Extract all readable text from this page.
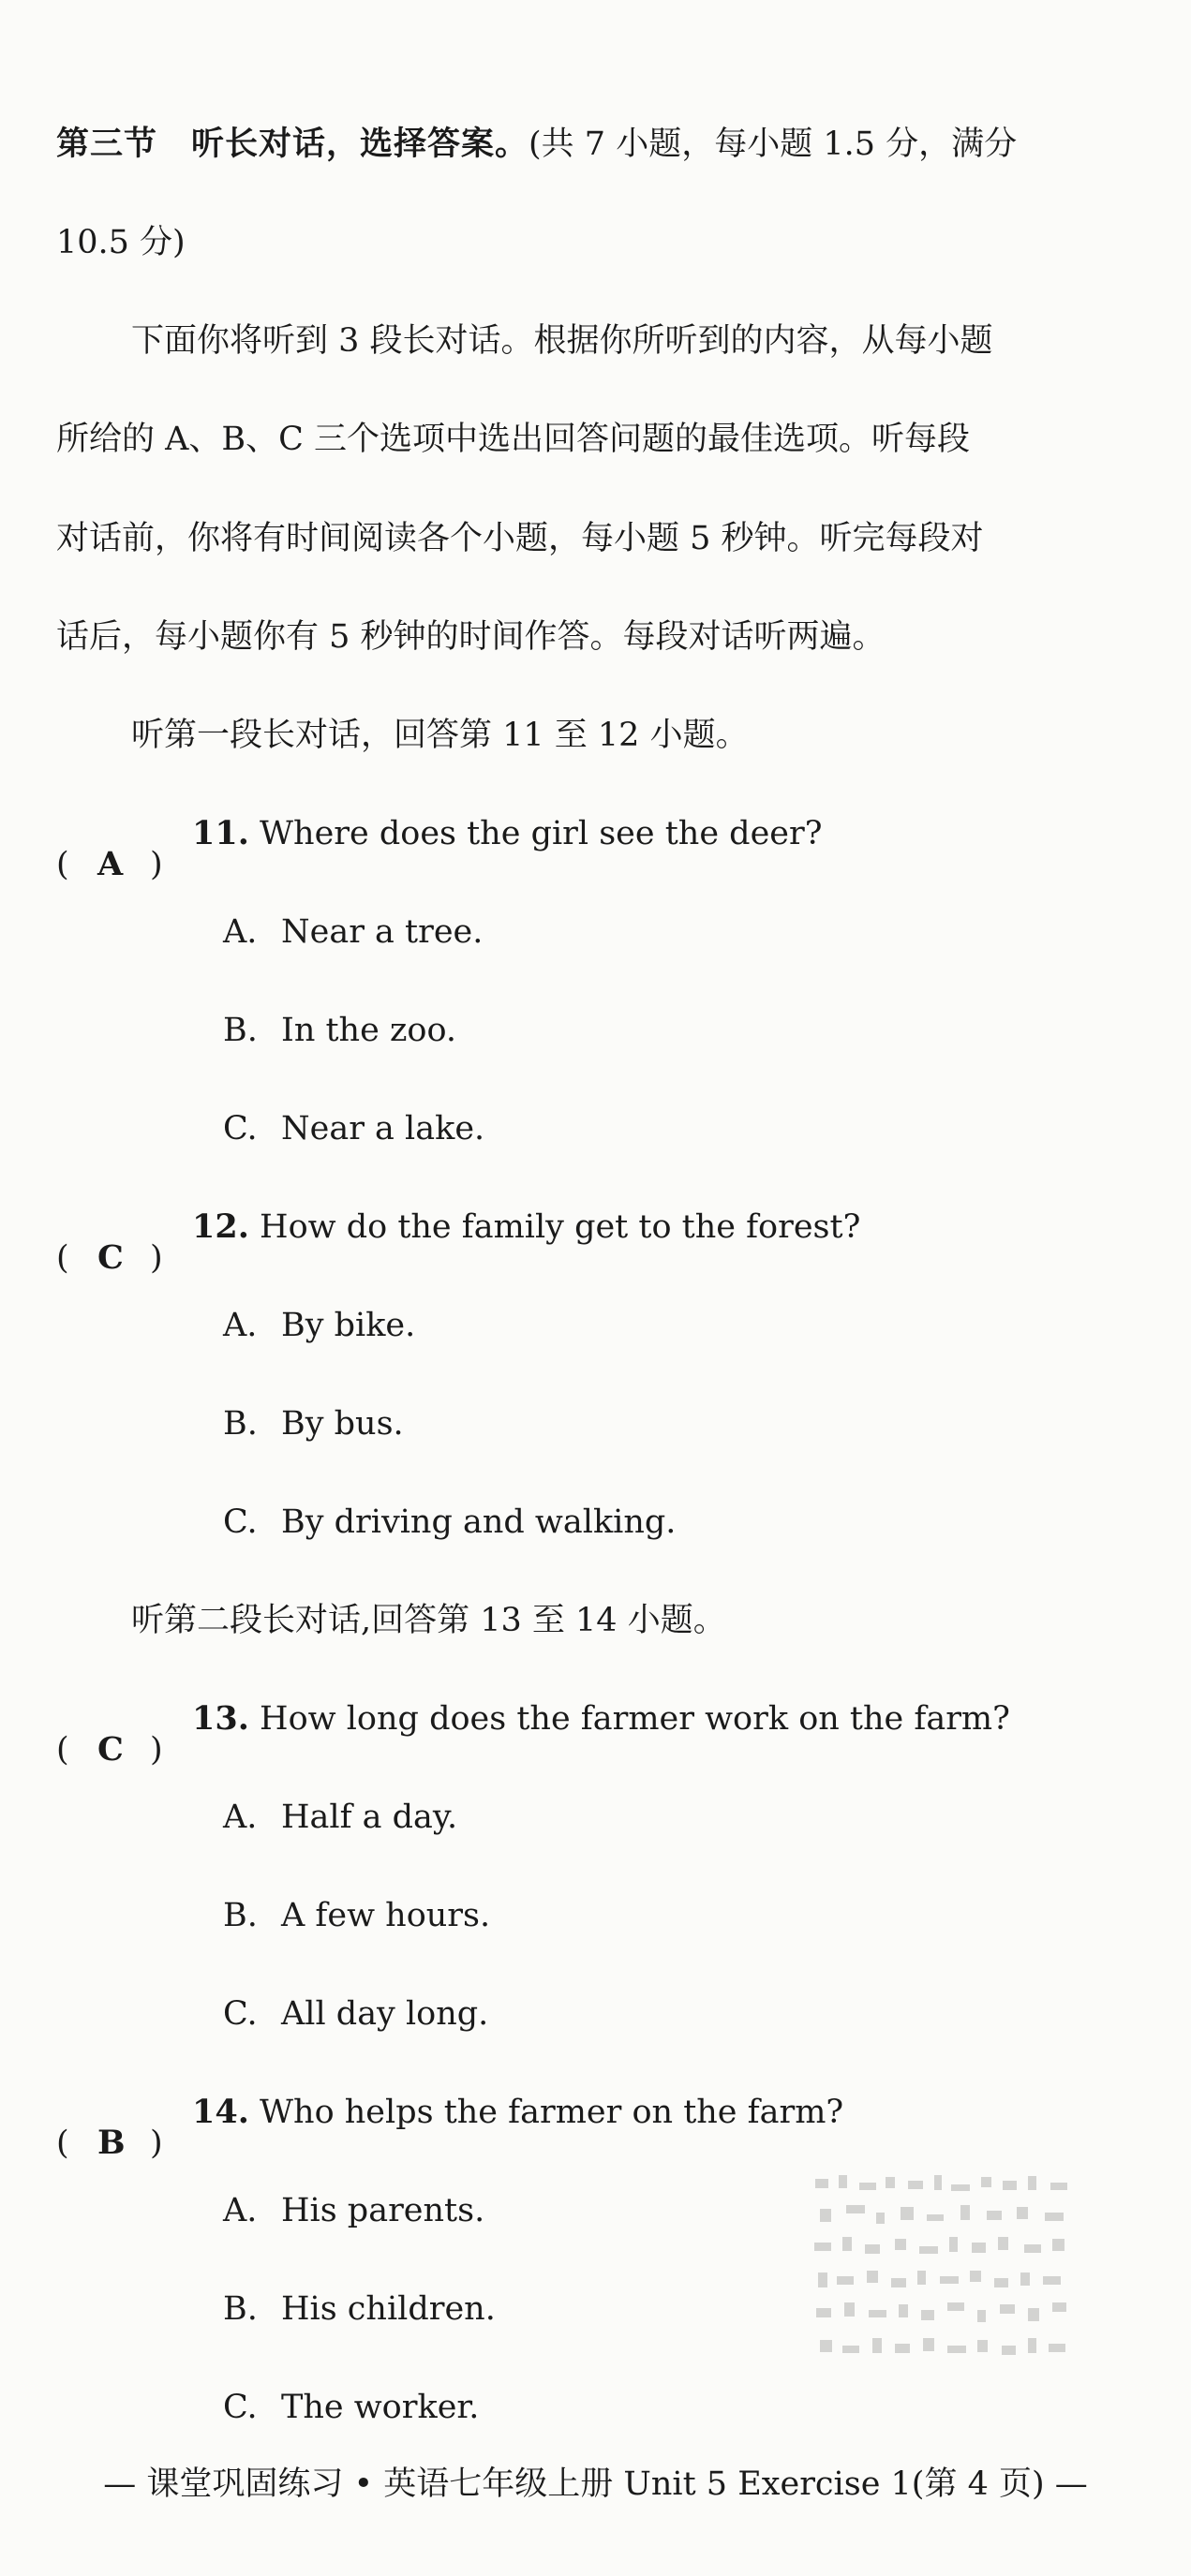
第三节 听长对话，选择答案。(共 7 小题，每小题 1.5 分，满分
10.5 分)
下面你将听到 3 段长对话。根据你所听到的内容，从每小题
所给的 A、B、C 三个选项中选出回答问题的最佳选项。听每段
对话前，你将有时间阅读各个小题，每小题 5 秒钟。听完每段对
话后，每小题你有 5 秒钟的时间作答。每段对话听两遍。
听第一段长对话，回答第 11 至 12 小题。
( A )
11. Where does the girl see the deer?
A. Near a tree.
B. In the zoo.
C. Near a lake.
( C )
12. How do the family get to the forest?
A. By bike.
B. By bus.
C. By driving and walking.
听第二段长对话,回答第 13 至 14 小题。
( C )
13. How long does the farmer work on the farm?
A. Half a day.
B. A few hours.
C. All day long.
( B )
14. Who helps the farmer on the farm?
A. His parents.
B. His children.
C. The worker.
— 课堂巩固练习 • 英语七年级上册 Unit 5 Exercise 1(第 4 页) —
